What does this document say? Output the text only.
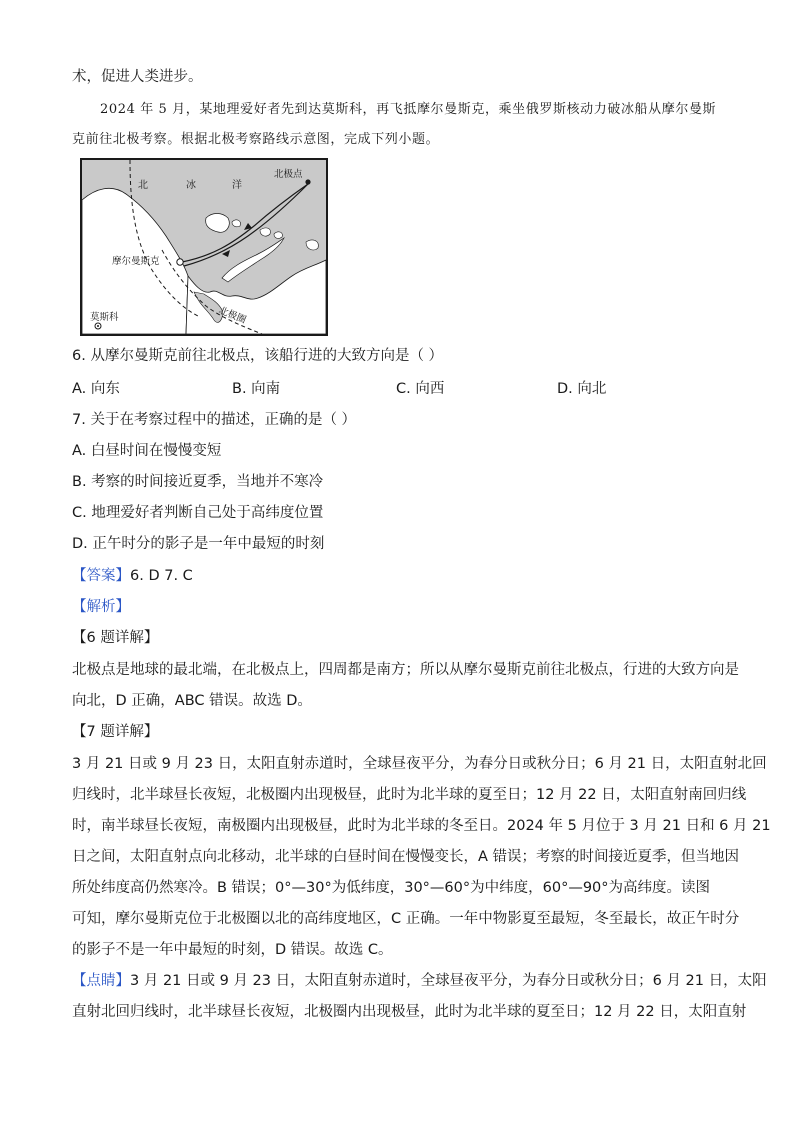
术，促进人类进步。
2024 年 5 月，某地理爱好者先到达莫斯科，再飞抵摩尔曼斯克，乘坐俄罗斯核动力破冰船从摩尔曼斯
克前往北极考察。根据北极考察路线示意图，完成下列小题。
北	冰	洋
北极点
摩尔曼斯克
莫斯科	北极圈
6. 从摩尔曼斯克前往北极点，该船行进的大致方向是（ ）
A. 向东	B. 向南	C. 向西	D. 向北
7. 关于在考察过程中的描述，正确的是（ ）
A. 白昼时间在慢慢变短
B. 考察的时间接近夏季，当地并不寒冷
C. 地理爱好者判断自己处于高纬度位置
D. 正午时分的影子是一年中最短的时刻
【答案】6. D 7. C
【解析】
【6 题详解】
北极点是地球的最北端，在北极点上，四周都是南方；所以从摩尔曼斯克前往北极点，行进的大致方向是
向北，D 正确，ABC 错误。故选 D。
【7 题详解】
3 月 21 日或 9 月 23 日，太阳直射赤道时，全球昼夜平分，为春分日或秋分日；6 月 21 日，太阳直射北回
归线时，北半球昼长夜短，北极圈内出现极昼，此时为北半球的夏至日；12 月 22 日，太阳直射南回归线
时，南半球昼长夜短，南极圈内出现极昼，此时为北半球的冬至日。2024 年 5 月位于 3 月 21 日和 6 月 21
日之间，太阳直射点向北移动，北半球的白昼时间在慢慢变长，A 错误；考察的时间接近夏季，但当地因
所处纬度高仍然寒冷。B 错误；0°—30°为低纬度，30°—60°为中纬度，60°—90°为高纬度。读图
可知，摩尔曼斯克位于北极圈以北的高纬度地区，C 正确。一年中物影夏至最短，冬至最长，故正午时分
的影子不是一年中最短的时刻，D 错误。故选 C。
【点睛】3 月 21 日或 9 月 23 日，太阳直射赤道时，全球昼夜平分，为春分日或秋分日；6 月 21 日，太阳
直射北回归线时，北半球昼长夜短，北极圈内出现极昼，此时为北半球的夏至日；12 月 22 日，太阳直射
